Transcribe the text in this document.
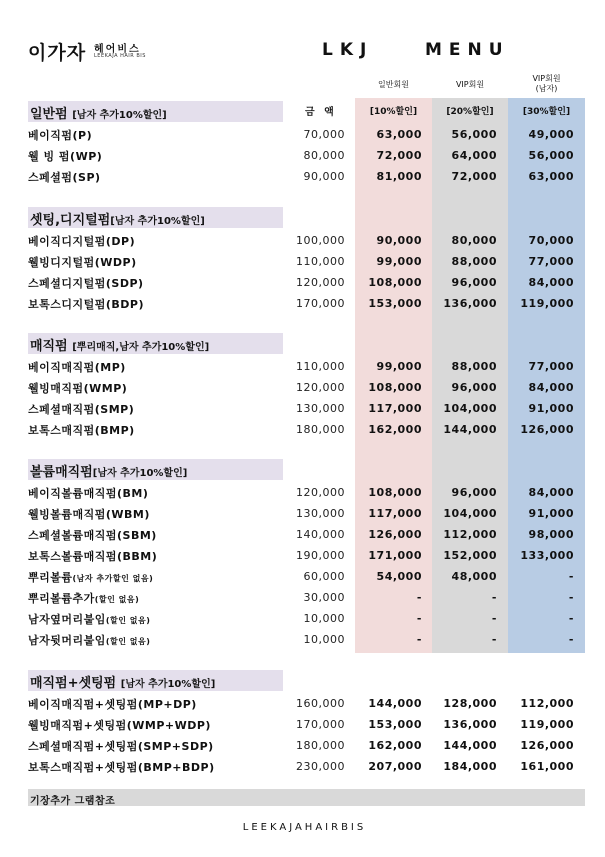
이가자 헤어비스
LEEKAJA HAIR BIS	LKJ    MENU
일반회원	VIP회원
VIP회원
(남자)
금 액	[10%할인]	[20%할인]	[30%할인]
일반펌 [남자 추가10%할인]
셋팅,디지털펌[남자 추가10%할인]
매직펌 [뿌리매직,남자 추가10%할인]
볼륨매직펌[남자 추가10%할인]
매직펌+셋팅펌 [남자 추가10%할인]
베이직펌(P)	70,000	63,000	56,000	49,000
웰 빙 펌(WP)	80,000	72,000	64,000	56,000
스페셜펌(SP)	90,000	81,000	72,000	63,000
베이직디지털펌(DP)	100,000	90,000	80,000	70,000
웰빙디지털펌(WDP)	110,000	99,000	88,000	77,000
스페셜디지털펌(SDP)	120,000	108,000	96,000	84,000
보톡스디지털펌(BDP)	170,000	153,000	136,000	119,000
베이직매직펌(MP)	110,000	99,000	88,000	77,000
웰빙매직펌(WMP)	120,000	108,000	96,000	84,000
스페셜매직펌(SMP)	130,000	117,000	104,000	91,000
보톡스매직펌(BMP)	180,000	162,000	144,000	126,000
베이직볼륨매직펌(BM)	120,000	108,000	96,000	84,000
웰빙볼륨매직펌(WBM)	130,000	117,000	104,000	91,000
스페셜볼륨매직펌(SBM)	140,000	126,000	112,000	98,000
보톡스볼륨매직펌(BBM)	190,000	171,000	152,000	133,000
뿌리볼륨(남자 추가할인 없음)	60,000	54,000	48,000	-
뿌리볼륨추가(할인 없음)	30,000	-	-	-
남자옆머리붙임(할인 없음)	10,000	-	-	-
남자뒷머리붙임(할인 없음)	10,000	-	-	-
베이직매직펌+셋팅펌(MP+DP)	160,000	144,000	128,000	112,000
웰빙매직펌+셋팅펌(WMP+WDP)	170,000	153,000	136,000	119,000
스페셜매직펌+셋팅펌(SMP+SDP)	180,000	162,000	144,000	126,000
보톡스매직펌+셋팅펌(BMP+BDP)	230,000	207,000	184,000	161,000
기장추가 그램참조
LEEKAJAHAIRBIS
